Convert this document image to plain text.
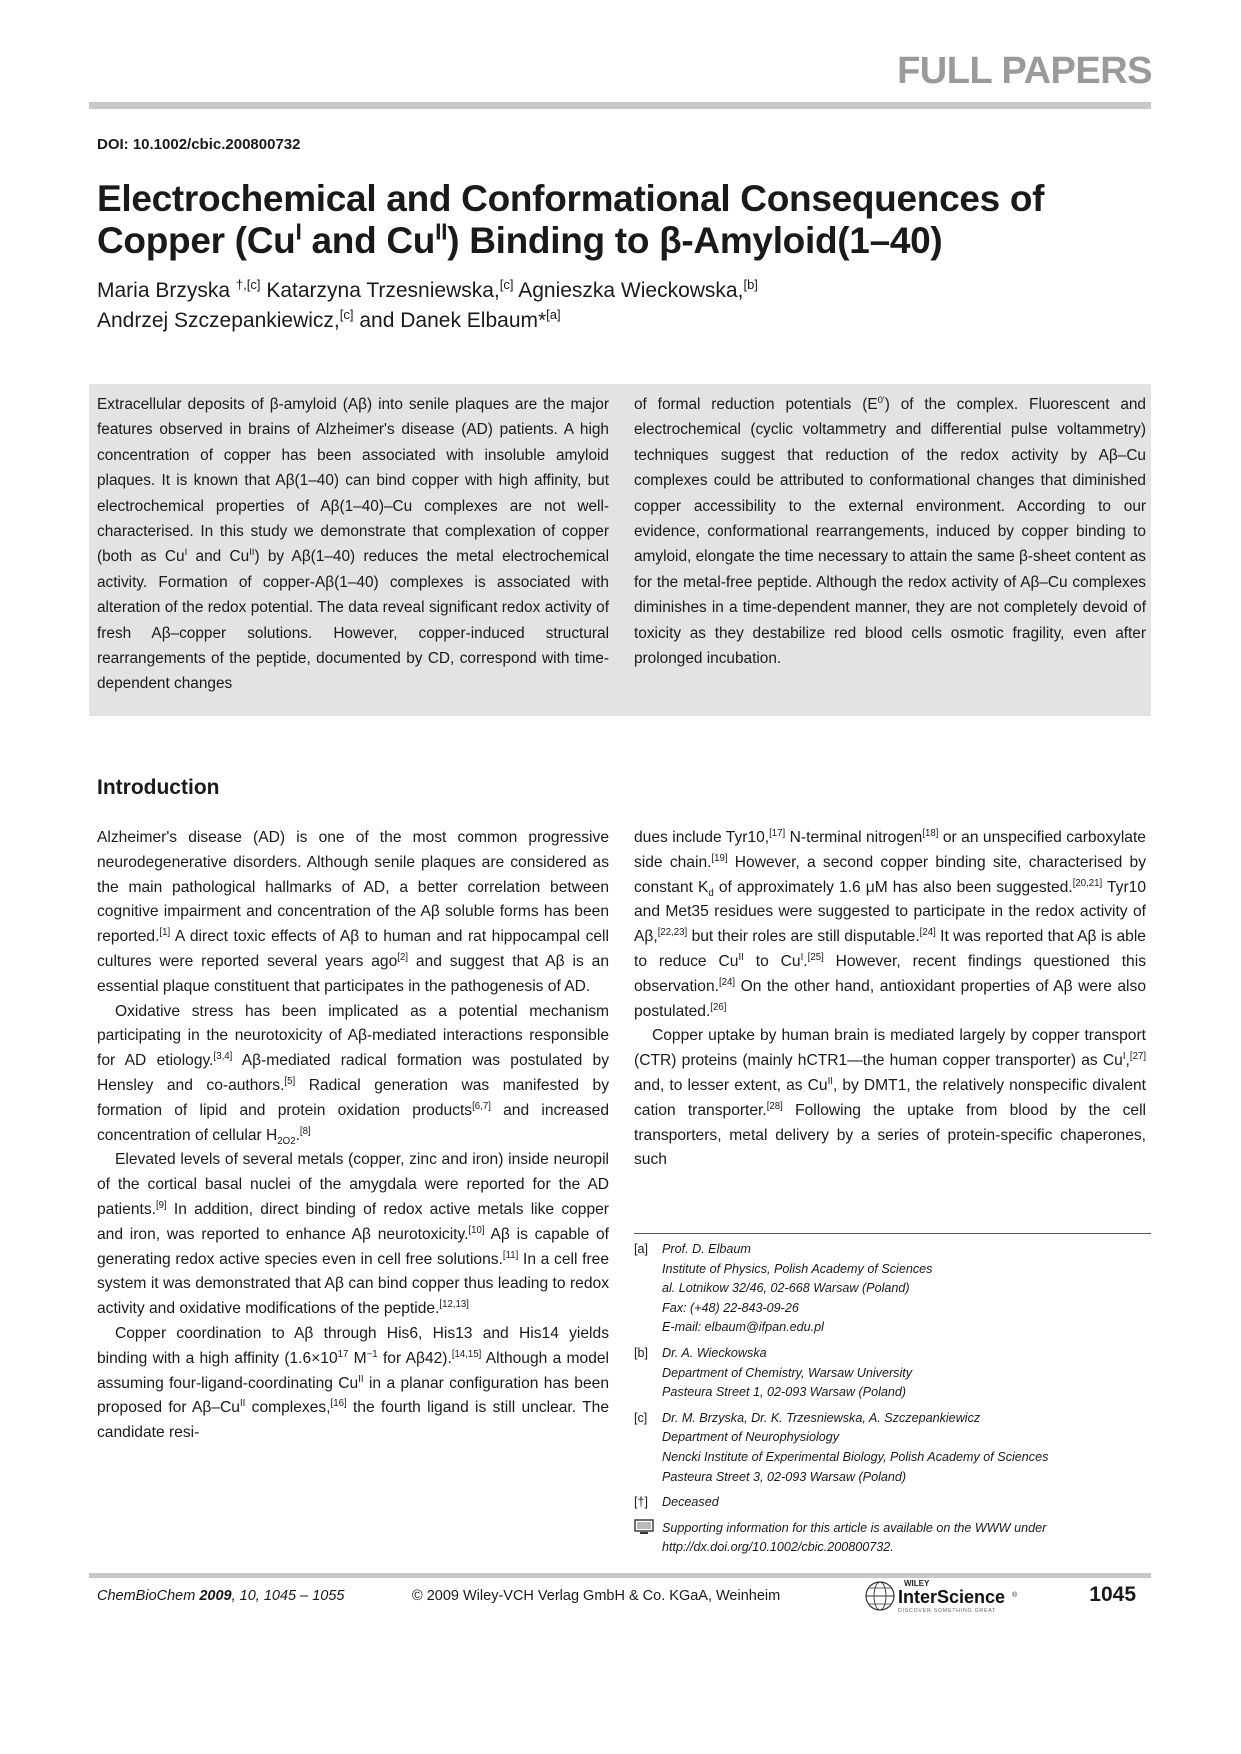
FULL PAPERS
DOI: 10.1002/cbic.200800732
Electrochemical and Conformational Consequences of
Copper ($Cu^I$ and $Cu^{II}$) Binding to β-Amyloid(1–40)
Maria Brzyska $^{\dagger,[c]}$ Katarzyna Trzesniewska,[c] Agnieszka Wieckowska,[b]
Andrzej Szczepankiewicz,[c] and Danek Elbaum*[a]
Extracellular deposits of β-amyloid (Aβ) into senile plaques are the major features observed in brains of Alzheimer's disease (AD) patients. A high concentration of copper has been associated with insoluble amyloid plaques. It is known that Aβ(1–40) can bind copper with high affinity, but electrochemical properties of Aβ(1–40)–Cu complexes are not well-characterised. In this study we demonstrate that complexation of copper (both as $Cu^I$ and $Cu^{II}$) by Aβ(1–40) reduces the metal electrochemical activity. Formation of copper-Aβ(1–40) complexes is associated with alteration of the redox potential. The data reveal significant redox activity of fresh Aβ–copper solutions. However, copper-induced structural rearrangements of the peptide, documented by CD, correspond with time-dependent changes
of formal reduction potentials $(E^{0'})$ of the complex. Fluorescent and electrochemical (cyclic voltammetry and differential pulse voltammetry) techniques suggest that reduction of the redox activity by Aβ–Cu complexes could be attributed to conformational changes that diminished copper accessibility to the external environment. According to our evidence, conformational rearrangements, induced by copper binding to amyloid, elongate the time necessary to attain the same β-sheet content as for the metal-free peptide. Although the redox activity of Aβ–Cu complexes diminishes in a time-dependent manner, they are not completely devoid of toxicity as they destabilize red blood cells osmotic fragility, even after prolonged incubation.
Introduction

Alzheimer's disease (AD) is one of the most common progressive neurodegenerative disorders. Although senile plaques are considered as the main pathological hallmarks of AD, a better correlation between cognitive impairment and concentration of the Aβ soluble forms has been reported.[1] A direct toxic effects of Aβ to human and rat hippocampal cell cultures were reported several years ago[2] and suggest that Aβ is an essential plaque constituent that participates in the pathogenesis of AD.

Oxidative stress has been implicated as a potential mechanism participating in the neurotoxicity of Aβ-mediated interactions responsible for AD etiology.[3,4] Aβ-mediated radical formation was postulated by Hensley and co-authors.[5] Radical generation was manifested by formation of lipid and protein oxidation products[6,7] and increased concentration of cellular $H_{2O2}.[8]$

Elevated levels of several metals (copper, zinc and iron) inside neuropil of the cortical basal nuclei of the amygdala were reported for the AD patients.[9] In addition, direct binding of redox active metals like copper and iron, was reported to enhance Aβ neurotoxicity.[10] Aβ is capable of generating redox active species even in cell free solutions.[11] In a cell free system it was demonstrated that Aβ can bind copper thus leading to redox activity and oxidative modifications of the peptide.[12,13]

Copper coordination to Aβ through His6, His13 and His14 yields binding with a high affinity ($1.6\times 10^{17}$ $M^{-1}$ for Aβ42).[14,15] Although a model assuming four-ligand-coordinating $Cu^{II}$ in a planar configuration has been proposed for $A\beta-Cu^{II}$ complexes,[16] the fourth ligand is still unclear. The candidate resi-

dues include Tyr10,[17] N-terminal nitrogen[18] or an unspecified carboxylate side chain.[19] However, a second copper binding site, characterised by constant $K_d$ of approximately 1.6 μM has also been suggested.[20,21] Tyr10 and Met35 residues were suggested to participate in the redox activity of Aβ,[22,23] but their roles are still disputable.[24] It was reported that Aβ is able to reduce $Cu^{II}$ to $Cu^I.[25]$ However, recent findings questioned this observation.[24] On the other hand, antioxidant properties of Aβ were also postulated.[26]

Copper uptake by human brain is mediated largely by copper transport (CTR) proteins (mainly hCTR1—the human copper transporter) as $Cu^I,[27]$ and, to lesser extent, as $Cu^{II}$, by DMT1, the relatively nonspecific divalent cation transporter.[28] Following the uptake from blood by the cell transporters, metal delivery by a series of protein-specific chaperones, such

[a]	Prof. D. Elbaum
Institute of Physics, Polish Academy of Sciences
al. Lotnikow 32/46, 02-668 Warsaw (Poland)
Fax: (+48) 22-843-09-26
E-mail: elbaum@ifpan.edu.pl
[b]	Dr. A. Wieckowska
Department of Chemistry, Warsaw University
Pasteura Street 1, 02-093 Warsaw (Poland)
[c]	Dr. M. Brzyska, Dr. K. Trzesniewska, A. Szczepankiewicz
Department of Neurophysiology
Nencki Institute of Experimental Biology, Polish Academy of Sciences
Pasteura Street 3, 02-093 Warsaw (Poland)
[†]	Deceased
Supporting information for this article is available on the WWW under
http://dx.doi.org/10.1002/cbic.200800732.
ChemBioChem 2009, 10, 1045 – 1055	© 2009 Wiley-VCH Verlag GmbH & Co. KGaA, Weinheim
WILEY
InterScience ®
DISCOVER SOMETHING GREAT
1045
